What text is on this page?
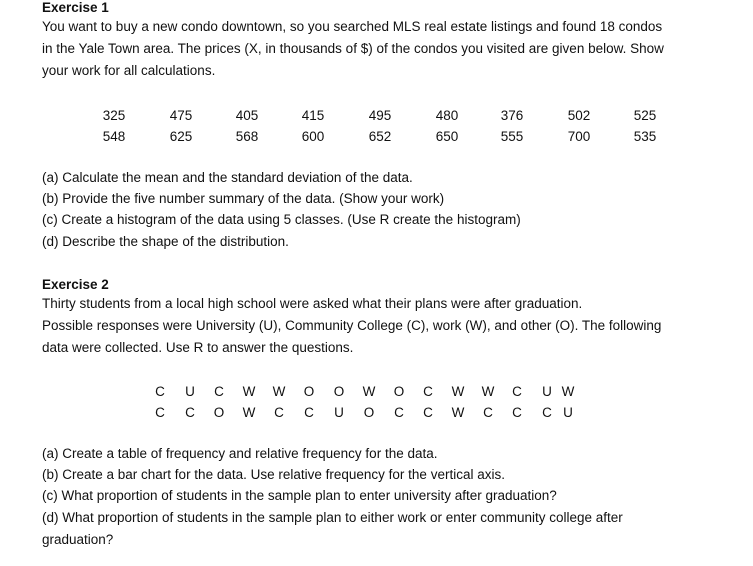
Exercise 1
You want to buy a new condo downtown, so you searched MLS real estate listings and found 18 condos
in the Yale Town area. The prices (X, in thousands of $) of the condos you visited are given below. Show
your work for all calculations.
325	475	405	415	495	480	376	502	525
548	625	568	600	652	650	555	700	535
(a) Calculate the mean and the standard deviation of the data.
(b) Provide the five number summary of the data. (Show your work)
(c) Create a histogram of the data using 5 classes. (Use R create the histogram)
(d) Describe the shape of the distribution.
Exercise 2
Thirty students from a local high school were asked what their plans were after graduation.
Possible responses were University (U), Community College (C), work (W), and other (O). The following
data were collected. Use R to answer the questions.
C U C W W O O W O C W W C U W
C C O W C C U O C C W C C C U
(a) Create a table of frequency and relative frequency for the data.
(b) Create a bar chart for the data. Use relative frequency for the vertical axis.
(c) What proportion of students in the sample plan to enter university after graduation?
(d) What proportion of students in the sample plan to either work or enter community college after
graduation?
